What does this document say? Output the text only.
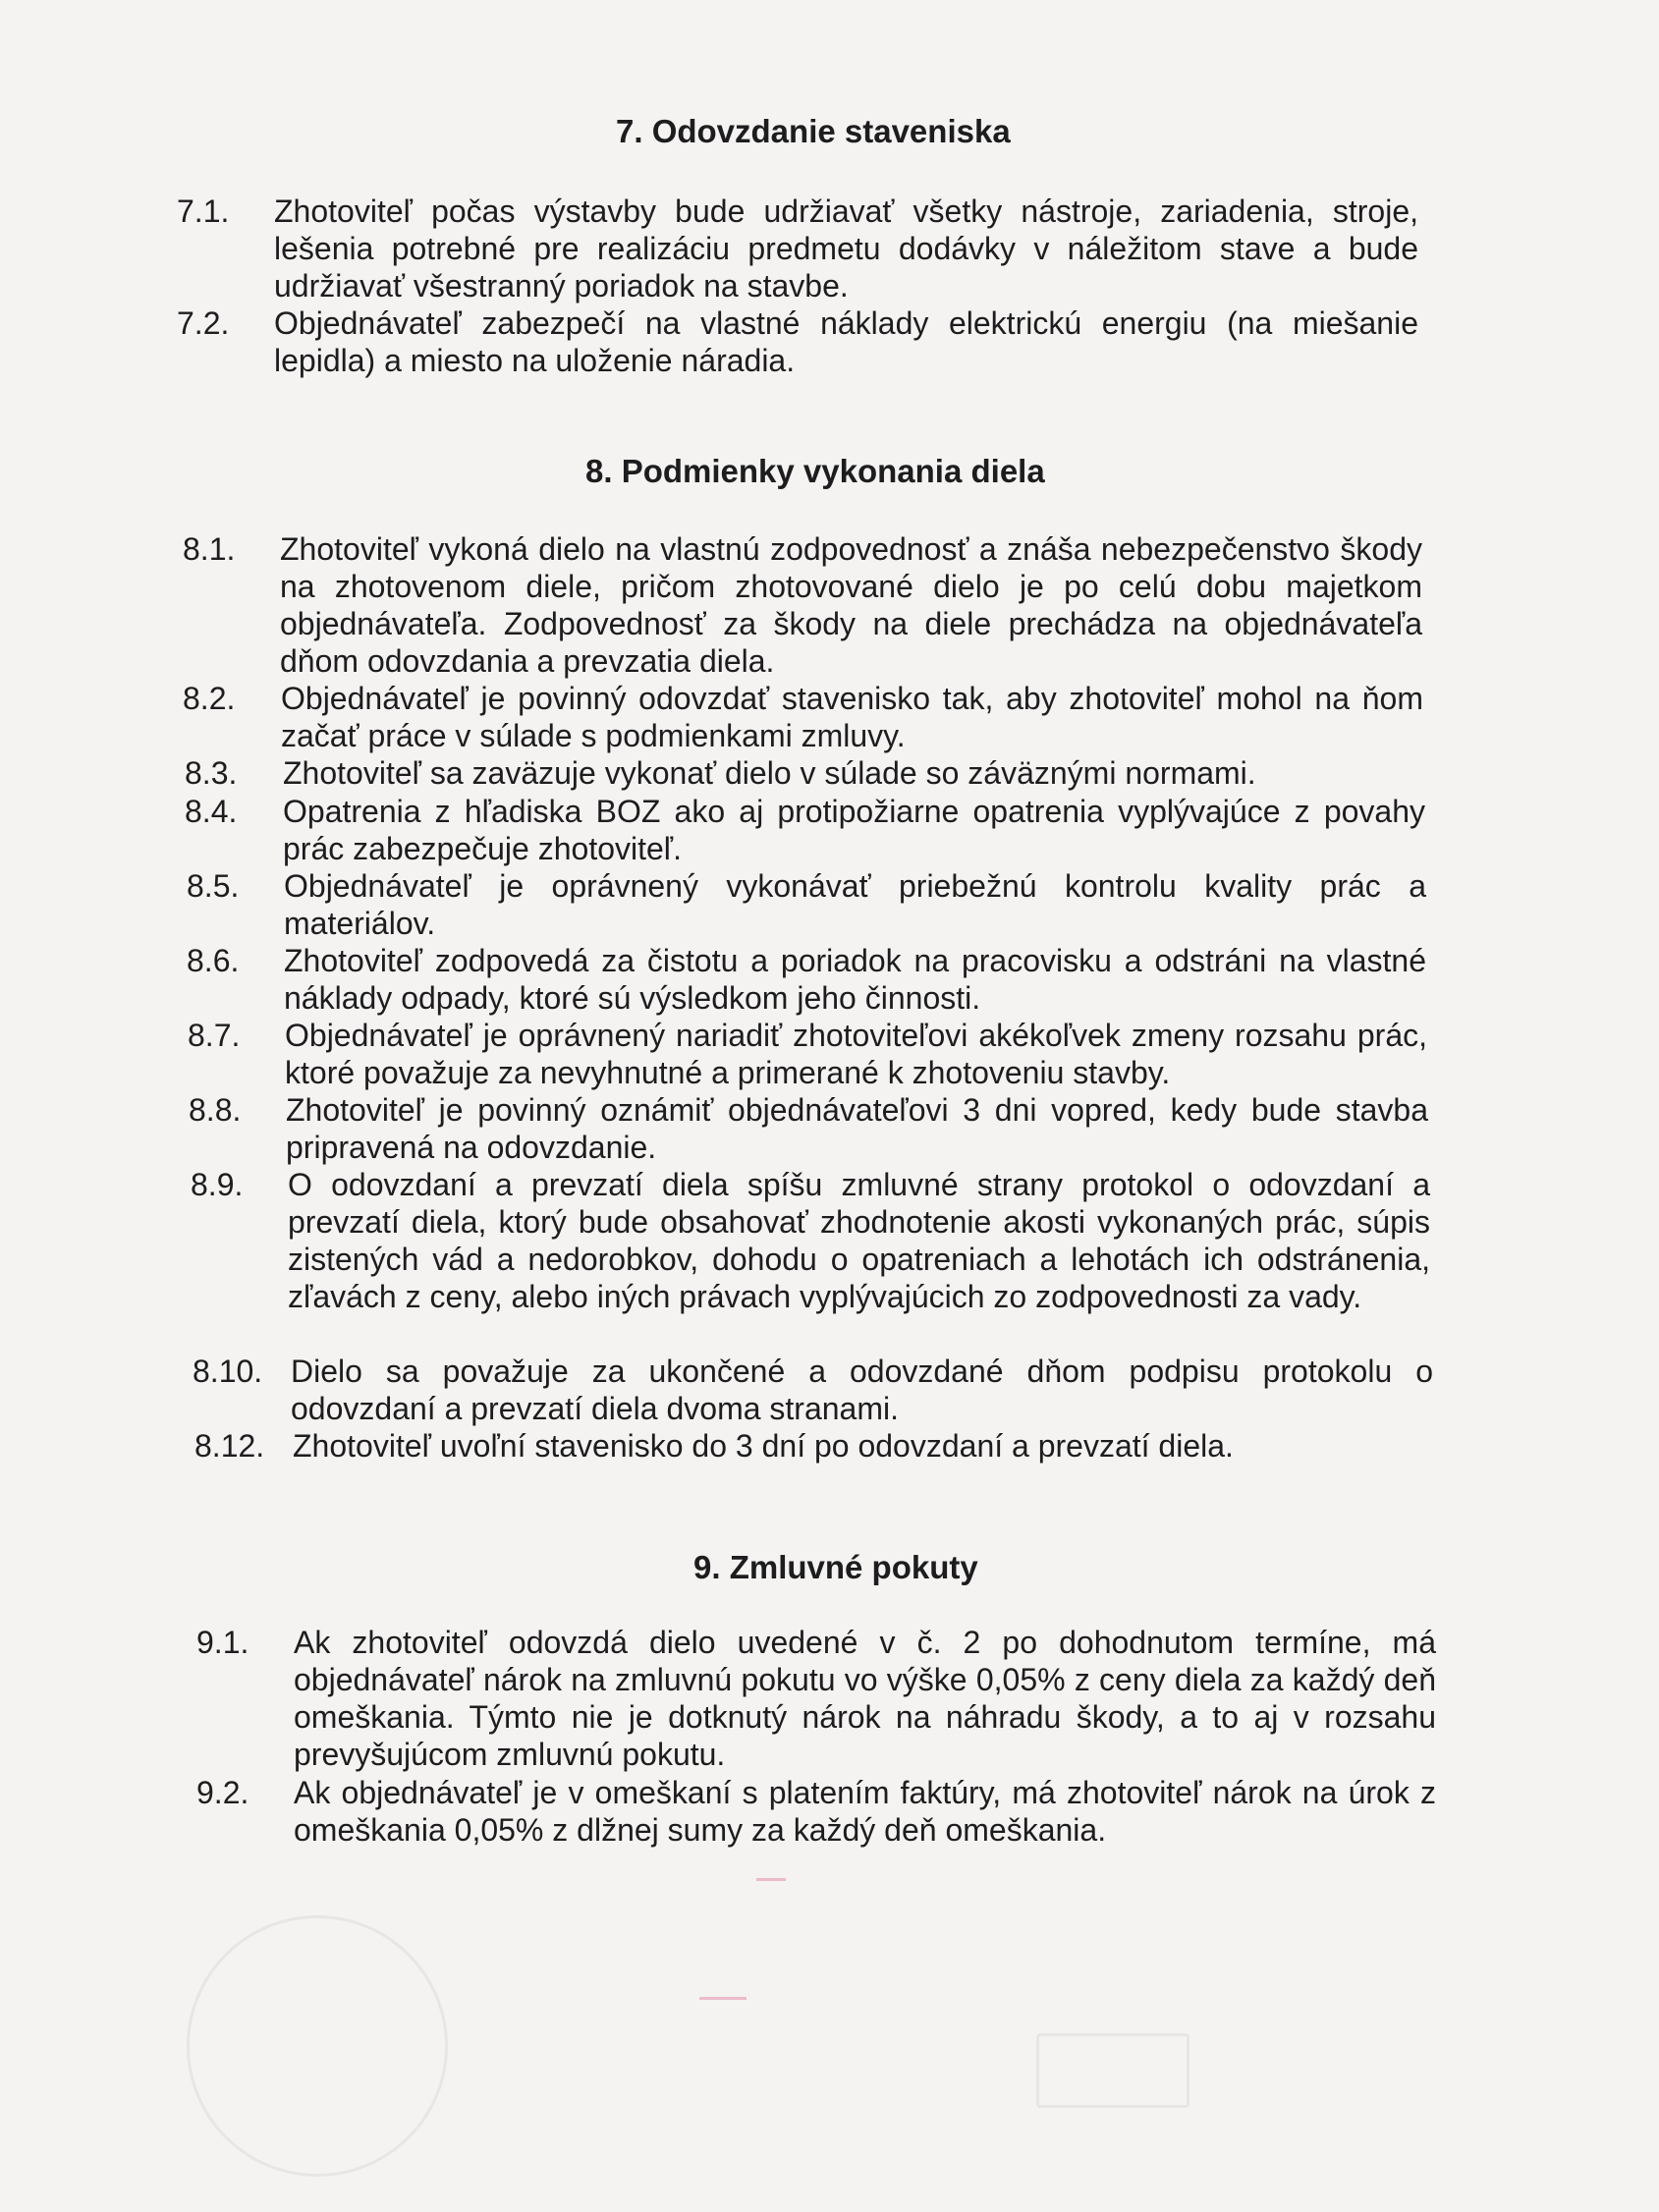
7. Odovzdanie staveniska
7.1. Zhotoviteľ počas výstavby bude udržiavať všetky nástroje, zariadenia, stroje, lešenia potrebné pre realizáciu predmetu dodávky v náležitom stave a bude udržiavať všestranný poriadok na stavbe.
7.2. Objednávateľ zabezpečí na vlastné náklady elektrickú energiu (na miešanie lepidla) a miesto na uloženie náradia.
8. Podmienky vykonania diela
8.1. Zhotoviteľ vykoná dielo na vlastnú zodpovednosť a znáša nebezpečenstvo škody na zhotovenom diele, pričom zhotovované dielo je po celú dobu majetkom objednávateľa. Zodpovednosť za škody na diele prechádza na objednávateľa dňom odovzdania a prevzatia diela.
8.2. Objednávateľ je povinný odovzdať stavenisko tak, aby zhotoviteľ mohol na ňom začať práce v súlade s podmienkami zmluvy.
8.3. Zhotoviteľ sa zaväzuje vykonať dielo v súlade so záväznými normami.
8.4. Opatrenia z hľadiska BOZ ako aj protipožiarne opatrenia vyplývajúce z povahy prác zabezpečuje zhotoviteľ.
8.5. Objednávateľ je oprávnený vykonávať priebežnú kontrolu kvality prác a materiálov.
8.6. Zhotoviteľ zodpovedá za čistotu a poriadok na pracovisku a odstráni na vlastné náklady odpady, ktoré sú výsledkom jeho činnosti.
8.7. Objednávateľ je oprávnený nariadiť zhotoviteľovi akékoľvek zmeny rozsahu prác, ktoré považuje za nevyhnutné a primerané k zhotoveniu stavby.
8.8. Zhotoviteľ je povinný oznámiť objednávateľovi 3 dni vopred, kedy bude stavba pripravená na odovzdanie.
8.9. O odovzdaní a prevzatí diela spíšu zmluvné strany protokol o odovzdaní a prevzatí diela, ktorý bude obsahovať zhodnotenie akosti vykonaných prác, súpis zistených vád a nedorobkov, dohodu o opatreniach a lehotách ich odstránenia, zľavách z ceny, alebo iných právach vyplývajúcich zo zodpovednosti za vady.
8.10. Dielo sa považuje za ukončené a odovzdané dňom podpisu protokolu o odovzdaní a prevzatí diela dvoma stranami.
8.12. Zhotoviteľ uvoľní stavenisko do 3 dní po odovzdaní a prevzatí diela.
9. Zmluvné pokuty
9.1. Ak zhotoviteľ odovzdá dielo uvedené v č. 2 po dohodnutom termíne, má objednávateľ nárok na zmluvnú pokutu vo výške 0,05% z ceny diela za každý deň omeškania. Týmto nie je dotknutý nárok na náhradu škody, a to aj v rozsahu prevyšujúcom zmluvnú pokutu.
9.2. Ak objednávateľ je v omeškaní s platením faktúry, má zhotoviteľ nárok na úrok z omeškania 0,05% z dlžnej sumy za každý deň omeškania.
